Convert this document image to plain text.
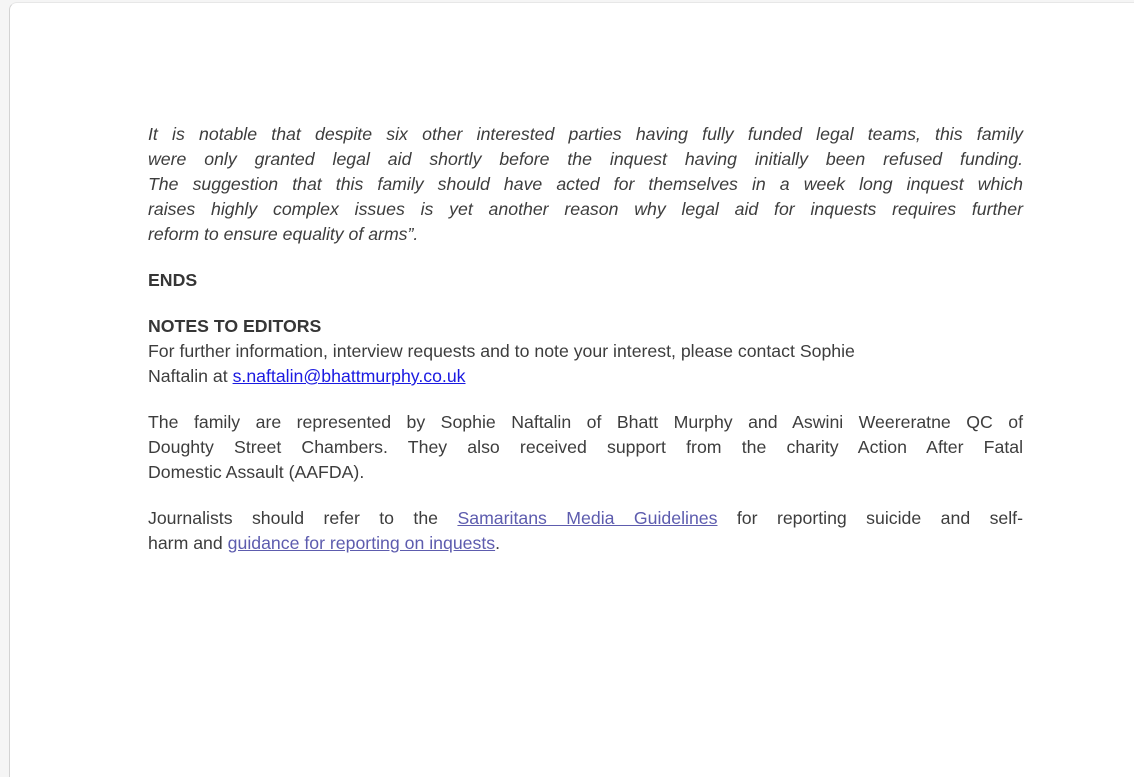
It is notable that despite six other interested parties having fully funded legal teams, this family
were only granted legal aid shortly before the inquest having initially been refused funding.
The suggestion that this family should have acted for themselves in a week long inquest which
raises highly complex issues is yet another reason why legal aid for inquests requires further
reform to ensure equality of arms”.
ENDS
NOTES TO EDITORS
For further information, interview requests and to note your interest, please contact Sophie
Naftalin at s.naftalin@bhattmurphy.co.uk
The family are represented by Sophie Naftalin of Bhatt Murphy and Aswini Weereratne QC of
Doughty Street Chambers. They also received support from the charity Action After Fatal
Domestic Assault (AAFDA).
Journalists should refer to the Samaritans Media Guidelines for reporting suicide and self-
harm and guidance for reporting on inquests.
